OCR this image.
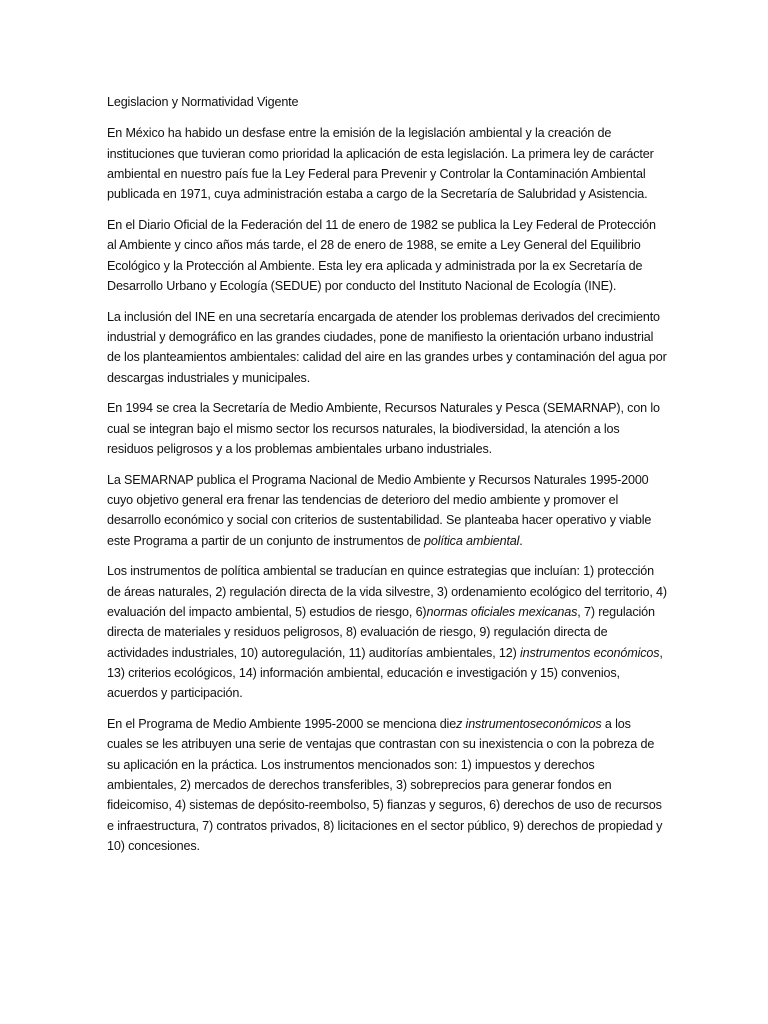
Legislacion y Normatividad Vigente

En México ha habido un desfase entre la emisión de la legislación ambiental y la creación de instituciones que tuvieran como prioridad la aplicación de esta legislación. La primera ley de carácter ambiental en nuestro país fue la Ley Federal para Prevenir y Controlar la Contaminación Ambiental publicada en 1971, cuya administración estaba a cargo de la Secretaría de Salubridad y Asistencia.

En el Diario Oficial de la Federación del 11 de enero de 1982 se publica la Ley Federal de Protección al Ambiente y cinco años más tarde, el 28 de enero de 1988, se emite a Ley General del Equilibrio Ecológico y la Protección al Ambiente. Esta ley era aplicada y administrada por la ex Secretaría de Desarrollo Urbano y Ecología (SEDUE) por conducto del Instituto Nacional de Ecología (INE).

La inclusión del INE en una secretaría encargada de atender los problemas derivados del crecimiento industrial y demográfico en las grandes ciudades, pone de manifiesto la orientación urbano industrial de los planteamientos ambientales: calidad del aire en las grandes urbes y contaminación del agua por descargas industriales y municipales.

En 1994 se crea la Secretaría de Medio Ambiente, Recursos Naturales y Pesca (SEMARNAP), con lo cual se integran bajo el mismo sector los recursos naturales, la biodiversidad, la atención a los residuos peligrosos y a los problemas ambientales urbano industriales.

La SEMARNAP publica el Programa Nacional de Medio Ambiente y Recursos Naturales 1995-2000 cuyo objetivo general era frenar las tendencias de deterioro del medio ambiente y promover el desarrollo económico y social con criterios de sustentabilidad. Se planteaba hacer operativo y viable este Programa a partir de un conjunto de instrumentos de política ambiental.

Los instrumentos de política ambiental se traducían en quince estrategias que incluían: 1) protección de áreas naturales, 2) regulación directa de la vida silvestre, 3) ordenamiento ecológico del territorio, 4) evaluación del impacto ambiental, 5) estudios de riesgo, 6)normas oficiales mexicanas, 7) regulación directa de materiales y residuos peligrosos, 8) evaluación de riesgo, 9) regulación directa de actividades industriales, 10) autoregulación, 11) auditorías ambientales, 12) instrumentos económicos, 13) criterios ecológicos, 14) información ambiental, educación e investigación y 15) convenios, acuerdos y participación.

En el Programa de Medio Ambiente 1995-2000 se menciona diez instrumentoseconómicos a los cuales se les atribuyen una serie de ventajas que contrastan con su inexistencia o con la pobreza de su aplicación en la práctica. Los instrumentos mencionados son: 1) impuestos y derechos ambientales, 2) mercados de derechos transferibles, 3) sobreprecios para generar fondos en fideicomiso, 4) sistemas de depósito-reembolso, 5) fianzas y seguros, 6) derechos de uso de recursos e infraestructura, 7) contratos privados, 8) licitaciones en el sector público, 9) derechos de propiedad y 10) concesiones.
